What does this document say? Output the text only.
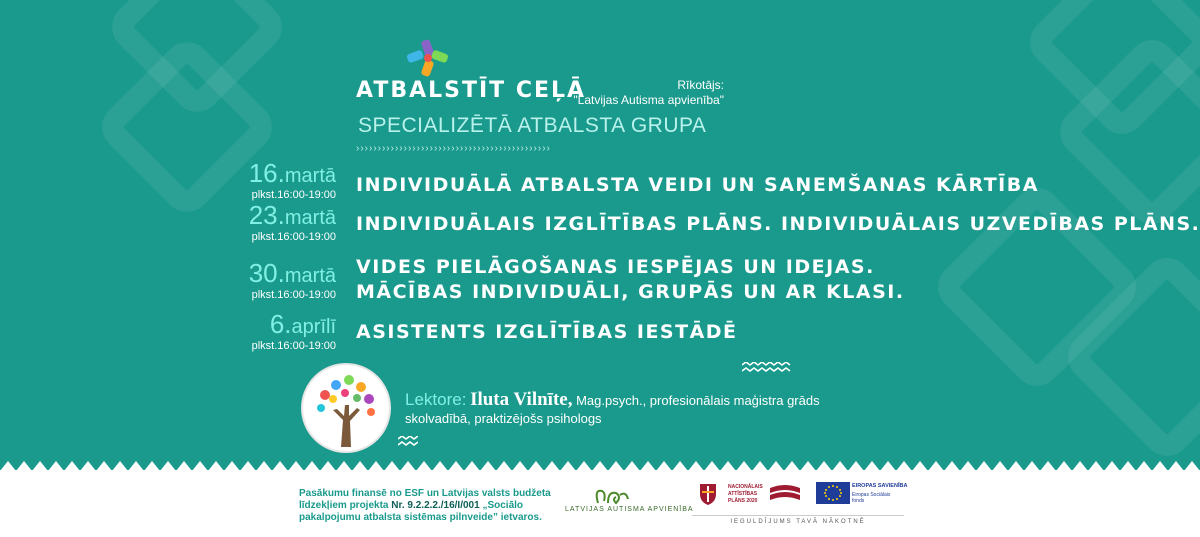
ATBALSTĪT CEĻĀ	Rīkotājs:
"Latvijas Autisma apvienība"
SPECIALIZĒTĀ ATBALSTA GRUPA
›››››››››››››››››››››››››››››››››››››››››››››
16.martā
plkst.16:00-19:00 INDIVIDUĀLĀ ATBALSTA VEIDI UN SAŅEMŠANAS KĀRTĪBA
23.martā
plkst.16:00-19:00
INDIVIDUĀLAIS IZGLĪTĪBAS PLĀNS. INDIVIDUĀLAIS UZVEDĪBAS PLĀNS.
30.martā
plkst.16:00-19:00
VIDES PIELĀGOŠANAS IESPĒJAS UN IDEJAS.
MĀCĪBAS INDIVIDUĀLI, GRUPĀS UN AR KLASI.
6.aprīlī
plkst.16:00-19:00
ASISTENTS IZGLĪTĪBAS IESTĀDĒ
Lektore: Iluta Vilnīte, Mag.psych., profesionālais maģistra grāds skolvadībā, praktizējošs psihologs
Pasākumu finansē no ESF un Latvijas valsts budžeta līdzekļiem projekta Nr. 9.2.2.2./16/I/001 „Sociālo pakalpojumu atbalsta sistēmas pilnveide” ietvaros.
LATVIJAS AUTISMA APVIENĪBA
NACIONĀLAIS ATTĪSTĪBAS PLĀNS 2020
EIROPAS SAVIENĪBA
Eiropas Sociālais fonds
IEGULDĪJUMS TAVĀ NĀKOTNĒ
